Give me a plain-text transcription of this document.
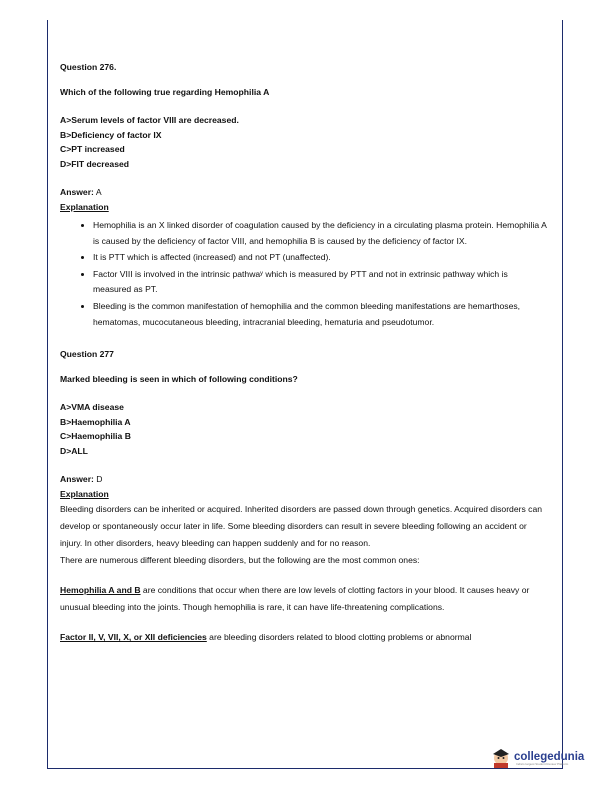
Question 276.

Which of the following true regarding Hemophilia A

A>Serum levels of factor VIII are decreased.

B>Deficiency of factor IX

C>PT increased

D>FIT decreased

Answer: A
Explanation
• Hemophilia is an X linked disorder of coagulation caused by the deficiency in a circulating plasma protein. Hemophilia A is caused by the deficiency of factor VIII, and hemophilia B is caused by the deficiency of factor IX.
• It is PTT which is affected (increased) and not PT (unaffected).
• Factor VIII is involved in the intrinsic pathwaʸ which is measured by PTT and not in extrinsic pathway which is measured as PT.
• Bleeding is the common manifestation of hemophilia and the common bleeding manifestations are hemarthoses, hematomas, mucocutaneous bleeding, intracranial bleeding, hematuria and pseudotumor.

Question 277

Marked bleeding is seen in which of following conditions?

A>VMA disease

B>Haemophilia A

C>Haemophilia B

D>ALL

Answer: D
Explanation

Bleeding disorders can be inherited or acquired. Inherited disorders are passed down through genetics. Acquired disorders can develop or spontaneously occur later in life. Some bleeding disorders can result in severe bleeding following an accident or injury. In other disorders, heavy bleeding can happen suddenly and for no reason.

There are numerous different bleeding disorders, but the following are the most common ones:

Hemophilia A and B are conditions that occur when there are low levels of clotting factors in your blood. It causes heavy or unusual bleeding into the joints. Though hemophilia is rare, it can have life-threatening complications.

Factor II, V, VII, X, or XII deficiencies are bleeding disorders related to blood clotting problems or abnormal

collegedunia
India's largest Student Review Platform
